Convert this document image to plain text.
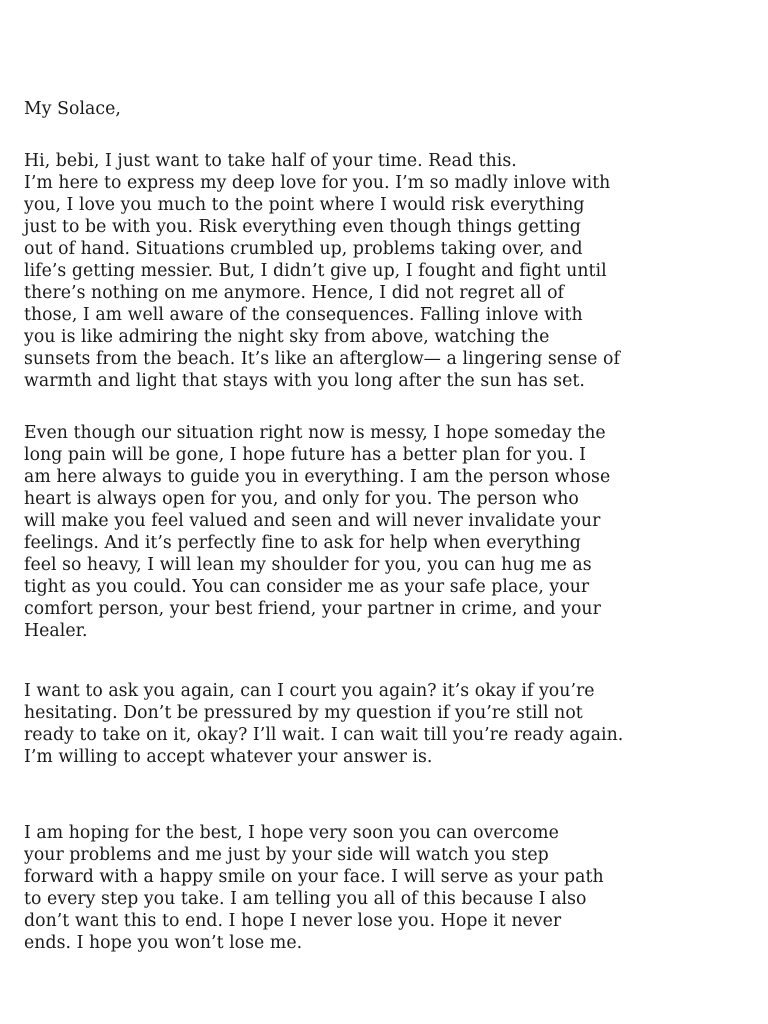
My Solace,

Hi, bebi, I just want to take half of your time. Read this.

I’m here to express my deep love for you. I’m so madly inlove with

you, I love you much to the point where I would risk everything

just to be with you. Risk everything even though things getting

out of hand. Situations crumbled up, problems taking over, and

life’s getting messier. But, I didn’t give up, I fought and fight until

there’s nothing on me anymore. Hence, I did not regret all of

those, I am well aware of the consequences. Falling inlove with

you is like admiring the night sky from above, watching the

sunsets from the beach. It’s like an afterglow— a lingering sense of

warmth and light that stays with you long after the sun has set.

Even though our situation right now is messy, I hope someday the

long pain will be gone, I hope future has a better plan for you. I

am here always to guide you in everything. I am the person whose

heart is always open for you, and only for you. The person who

will make you feel valued and seen and will never invalidate your

feelings. And it’s perfectly fine to ask for help when everything

feel so heavy, I will lean my shoulder for you, you can hug me as

tight as you could. You can consider me as your safe place, your

comfort person, your best friend, your partner in crime, and your

Healer.

I want to ask you again, can I court you again? it’s okay if you’re

hesitating. Don’t be pressured by my question if you’re still not

ready to take on it, okay? I’ll wait. I can wait till you’re ready again.

I’m willing to accept whatever your answer is.

I am hoping for the best, I hope very soon you can overcome

your problems and me just by your side will watch you step

forward with a happy smile on your face. I will serve as your path

to every step you take. I am telling you all of this because I also

don’t want this to end. I hope I never lose you. Hope it never

ends. I hope you won’t lose me.
